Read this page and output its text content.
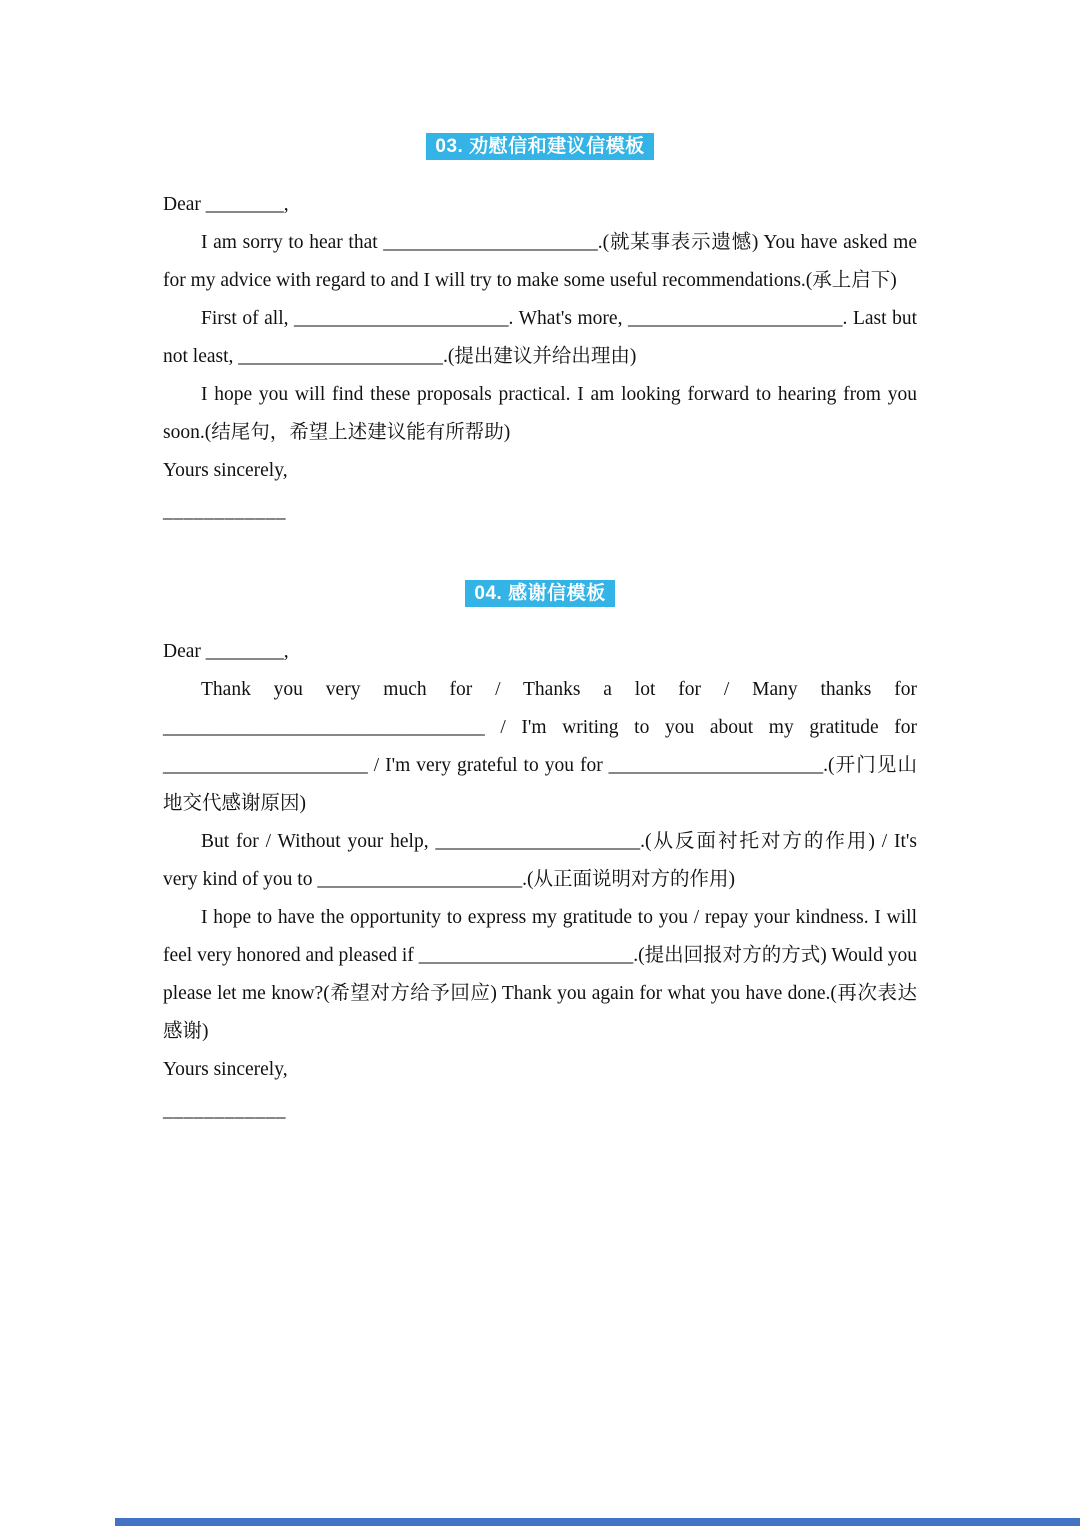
03. 劝慰信和建议信模板

Dear ________,

I am sorry to hear that ______________________.(就某事表示遗憾) You have asked me for my advice with regard to and I will try to make some useful recommendations.(承上启下)

First of all, ______________________. What's more, ______________________. Last but not least, _____________________.(提出建议并给出理由)

I hope you will find these proposals practical. I am looking forward to hearing from you soon.(结尾句，希望上述建议能有所帮助)

Yours sincerely,

____________

04. 感谢信模板

Dear ________,

Thank you very much for / Thanks a lot for / Many thanks for _________________________________ / I'm writing to you about my gratitude for _____________________ / I'm very grateful to you for ______________________.(开门见山地交代感谢原因)

But for / Without your help, _____________________.(从反面衬托对方的作用) / It's very kind of you to _____________________.(从正面说明对方的作用)

I hope to have the opportunity to express my gratitude to you / repay your kindness. I will feel very honored and pleased if ______________________.(提出回报对方的方式) Would you please let me know?(希望对方给予回应) Thank you again for what you have done.(再次表达感谢)

Yours sincerely,

____________
